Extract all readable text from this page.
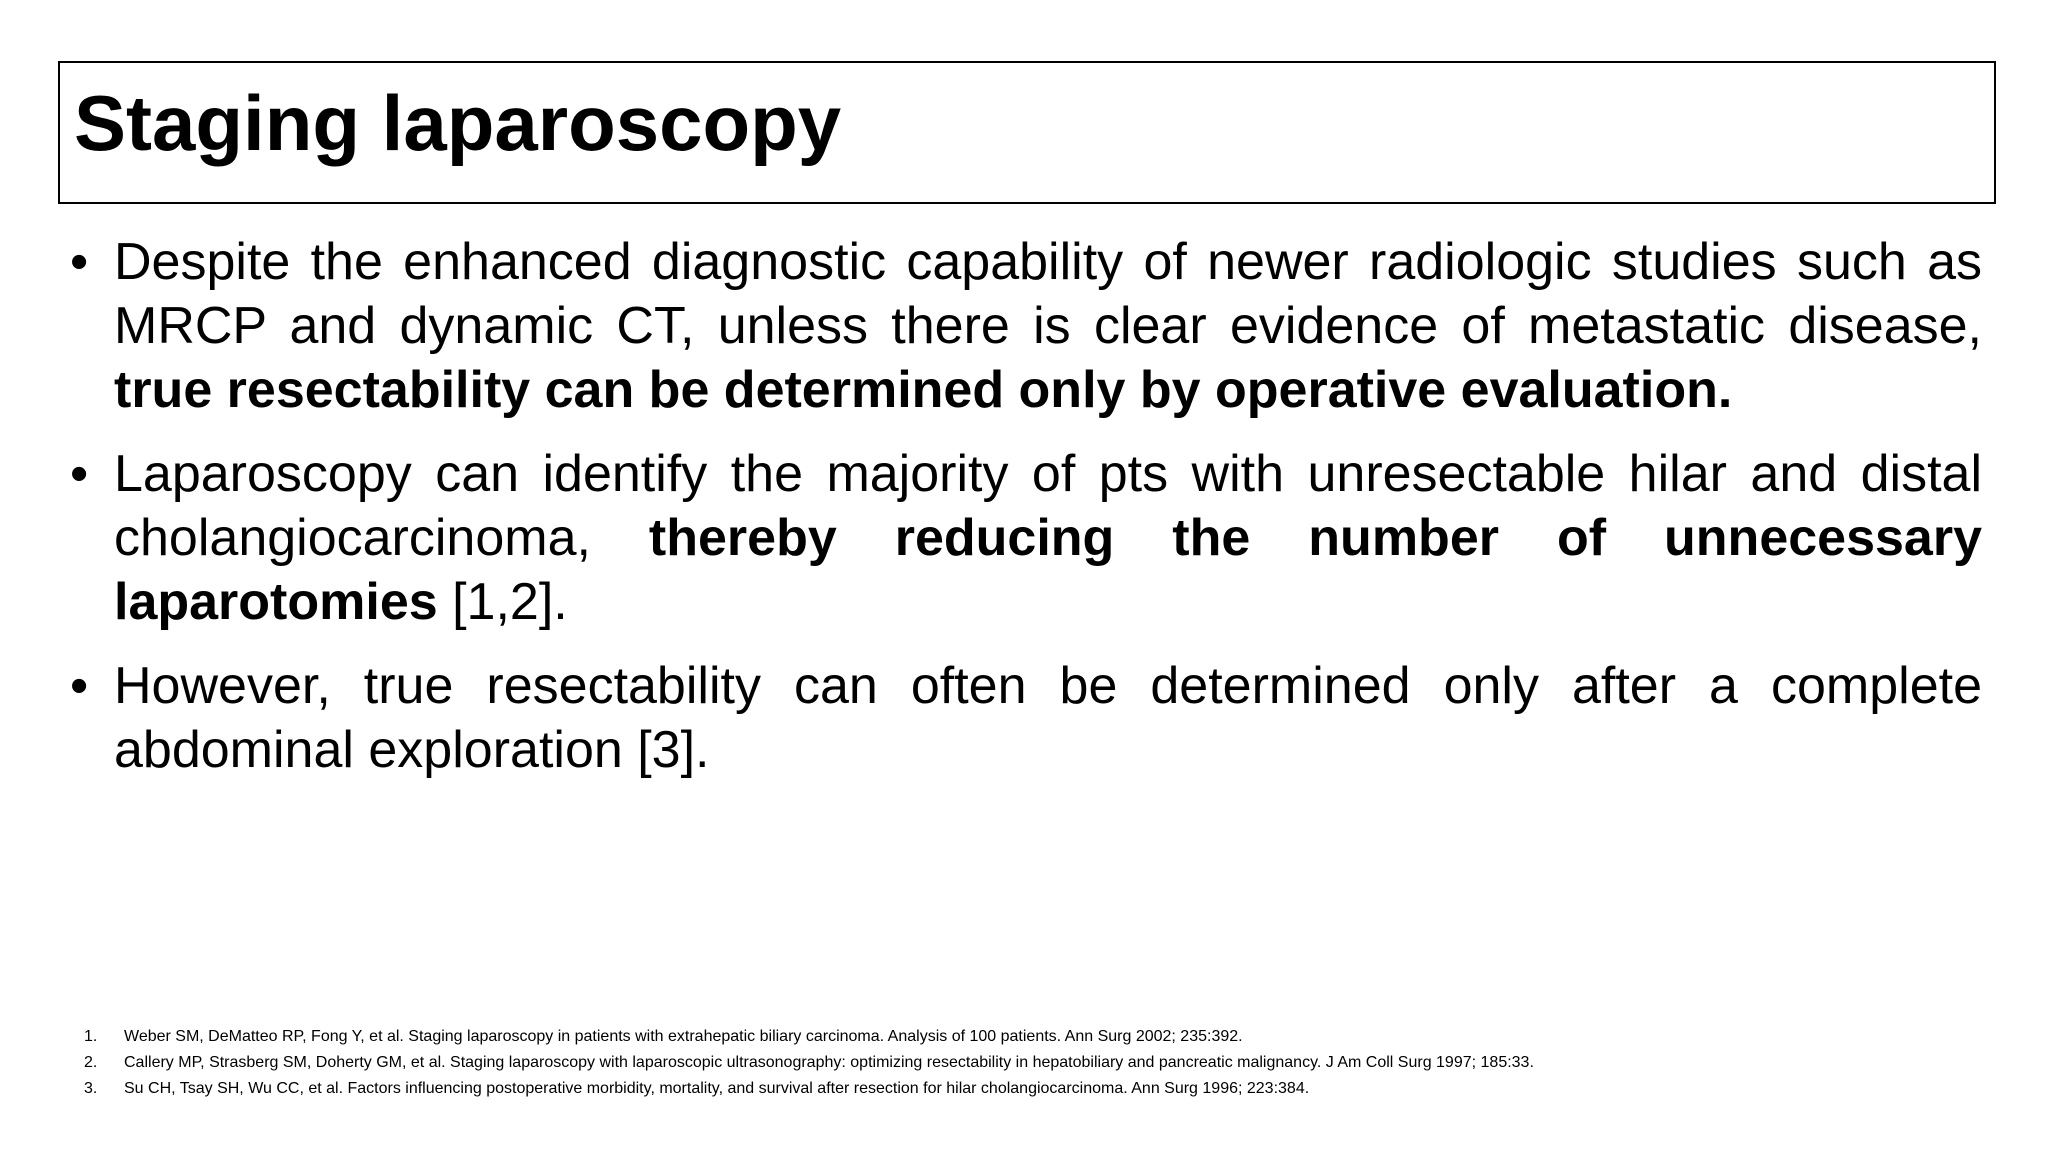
Staging laparoscopy
• Despite the enhanced diagnostic capability of newer radiologic studies such as MRCP and dynamic CT, unless there is clear evidence of metastatic disease, true resectability can be determined only by operative evaluation.
• Laparoscopy can identify the majority of pts with unresectable hilar and distal cholangiocarcinoma, thereby reducing the number of unnecessary laparotomies [1,2].
• However, true resectability can often be determined only after a complete abdominal exploration [3].
1. Weber SM, DeMatteo RP, Fong Y, et al. Staging laparoscopy in patients with extrahepatic biliary carcinoma. Analysis of 100 patients. Ann Surg 2002; 235:392.
2. Callery MP, Strasberg SM, Doherty GM, et al. Staging laparoscopy with laparoscopic ultrasonography: optimizing resectability in hepatobiliary and pancreatic malignancy. J Am Coll Surg 1997; 185:33.
3. Su CH, Tsay SH, Wu CC, et al. Factors influencing postoperative morbidity, mortality, and survival after resection for hilar cholangiocarcinoma. Ann Surg 1996; 223:384.
